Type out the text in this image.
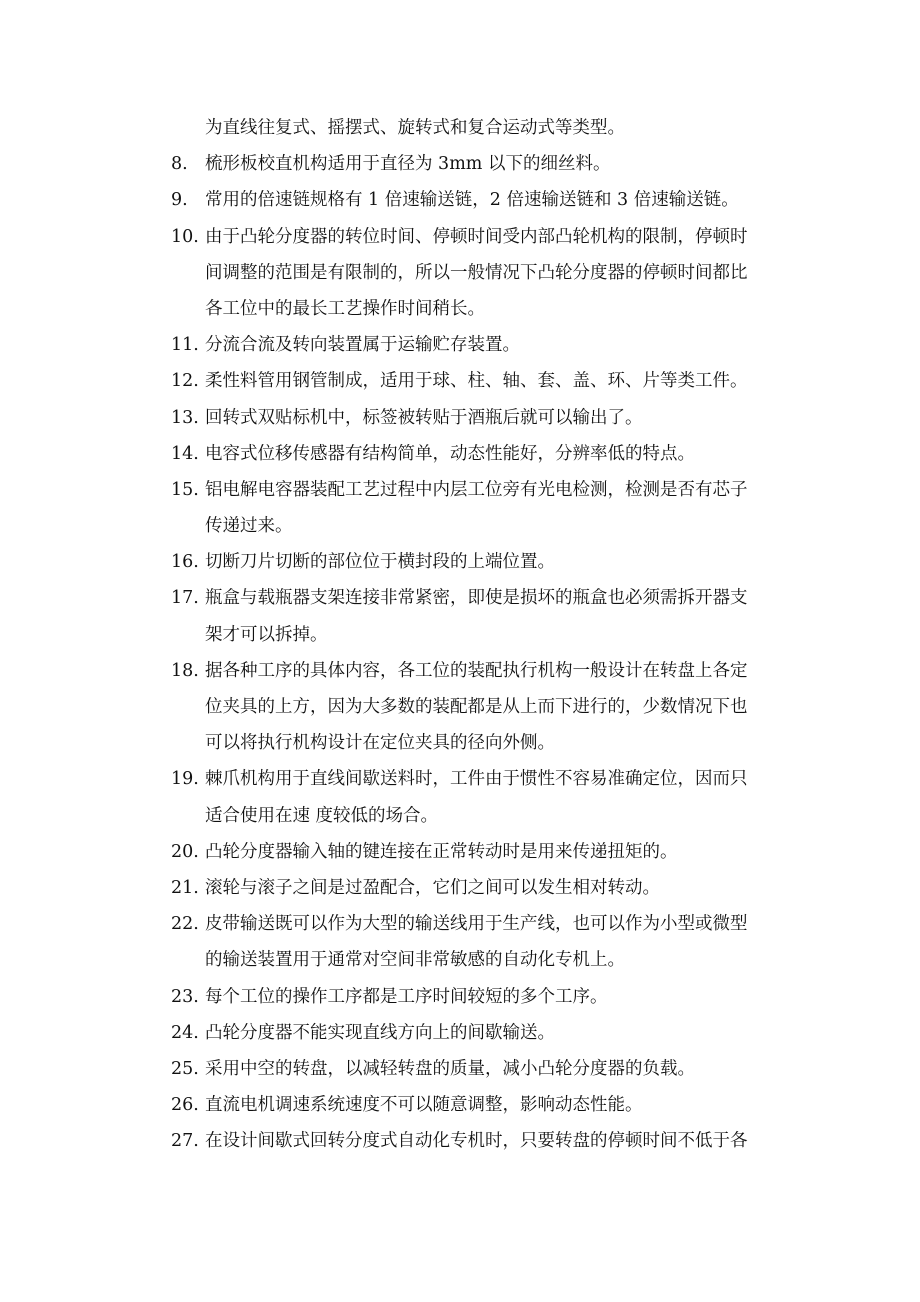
为直线往复式、摇摆式、旋转式和复合运动式等类型。
8. 梳形板校直机构适用于直径为 3mm 以下的细丝料。
9. 常用的倍速链规格有 1 倍速输送链，2 倍速输送链和 3 倍速输送链。
10. 由于凸轮分度器的转位时间、停顿时间受内部凸轮机构的限制，停顿时
间调整的范围是有限制的，所以一般情况下凸轮分度器的停顿时间都比
各工位中的最长工艺操作时间稍长。
11. 分流合流及转向装置属于运输贮存装置。
12. 柔性料管用钢管制成，适用于球、柱、轴、套、盖、环、片等类工件。
13. 回转式双贴标机中，标签被转贴于酒瓶后就可以输出了。
14. 电容式位移传感器有结构简单，动态性能好，分辨率低的特点。
15. 铝电解电容器装配工艺过程中内层工位旁有光电检测，检测是否有芯子
传递过来。
16. 切断刀片切断的部位位于横封段的上端位置。
17. 瓶盒与载瓶器支架连接非常紧密，即使是损坏的瓶盒也必须需拆开器支
架才可以拆掉。
18. 据各种工序的具体内容，各工位的装配执行机构一般设计在转盘上各定
位夹具的上方，因为大多数的装配都是从上而下进行的，少数情况下也
可以将执行机构设计在定位夹具的径向外侧。
19. 棘爪机构用于直线间歇送料时，工件由于惯性不容易准确定位，因而只
适合使用在速 度较低的场合。
20. 凸轮分度器输入轴的键连接在正常转动时是用来传递扭矩的。
21. 滚轮与滚子之间是过盈配合，它们之间可以发生相对转动。
22. 皮带输送既可以作为大型的输送线用于生产线，也可以作为小型或微型
的输送装置用于通常对空间非常敏感的自动化专机上。
23. 每个工位的操作工序都是工序时间较短的多个工序。
24. 凸轮分度器不能实现直线方向上的间歇输送。
25. 采用中空的转盘，以减轻转盘的质量，减小凸轮分度器的负载。
26. 直流电机调速系统速度不可以随意调整，影响动态性能。
27. 在设计间歇式回转分度式自动化专机时，只要转盘的停顿时间不低于各
